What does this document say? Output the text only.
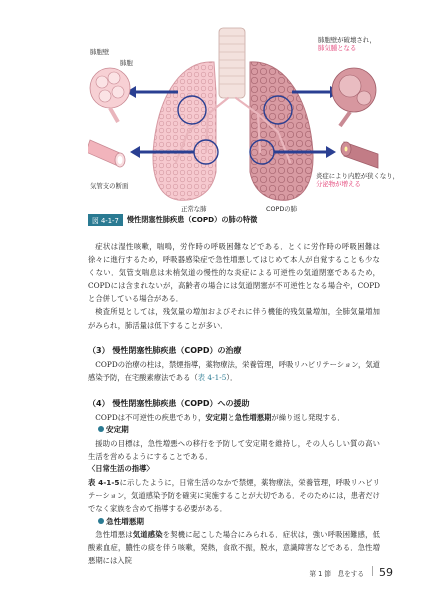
肺胞壁
肺胞
気管支の断面
正常な肺	COPDの肺
肺胞壁が破壊され，
肺気腫となる
炎症により内腔が狭くなり，
分泌物が増える
図 4-1-7	慢性閉塞性肺疾患（COPD）の肺の特徴

症状は湿性咳嗽，喘鳴，労作時の呼吸困難などである．とくに労作時の呼吸困難は徐々に進行するため，呼吸器感染症で急性増悪してはじめて本人が自覚することも少なくない．気管支喘息は未梢気道の慢性的な炎症による可逆性の気道閉塞であるため，COPDには含まれないが，高齢者の場合には気道閉塞が不可逆性となる場合や，COPDと合併している場合がある．

検査所見としては，残気量の増加およびそれに伴う機能的残気量増加，全肺気量増加がみられ，肺活量は低下することが多い．

（3） 慢性閉塞性肺疾患（COPD）の治療

COPDの治療の柱は，禁煙指導，薬物療法，栄養管理，呼吸リハビリテーション，気道感染予防，在宅酸素療法である（表 4-1-5）．

（4） 慢性閉塞性肺疾患（COPD）への援助

COPDは不可逆性の疾患であり，安定期と急性増悪期が繰り返し発現する．

安定期

援助の目標は，急性増悪への移行を予防して安定期を維持し，その人らしい質の高い生活を営めるようにすることである．

〈日常生活の指導〉

表 4-1-5に示したように，日常生活のなかで禁煙，薬物療法，栄養管理，呼吸リハビリテーション，気道感染予防を確実に実施することが大切である．そのためには，患者だけでなく家族を含めて指導する必要がある．

急性増悪期

急性増悪は気道感染を契機に起こした場合にみられる．症状は，強い呼吸困難感，低酸素血症，膿性の痰を伴う咳嗽，発熱，食欲不振，脱水，意識障害などである．急性増悪期には入院

第 1 節　息をする 59
